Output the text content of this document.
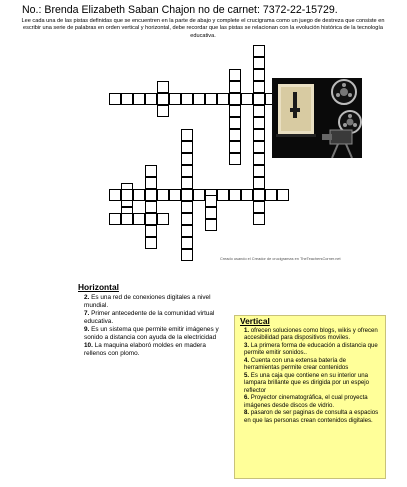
No.: Brenda Elizabeth Saban Chajon no de carnet: 7372-22-15729.
Lee cada una de las pistas definidas que se encuentren en la parte de abajo y complete el crucigrama como un juego de destreza que consiste en escribir una serie de palabras en orden vertical y horizontal, debe recordar que las pistas se relacionan con la evolución histórica de la tecnología educativa.
Creado usando el Creador de crucigramas en TheTeachersCorner.net
Horizontal
2. Es una red de conexiones digitales a nivel mundial.
7. Primer antecedente de la comunidad virtual educativa.
9. Es un sistema que permite emitir imágenes y sonido a distancia con ayuda de la electricidad
10. La maquina elaboró moldes en madera rellenos con plomo.
Vertical
1. ofrecen soluciones como blogs, wikis y ofrecen accesibilidad para dispositivos moviles.
3. La primera forma de educación a distancia que permite emitir sonidos..
4. Cuenta con una extensa batería de herramientas permite crear contenidos
5. Es una caja que contiene en su interior una lampara brillante que es dirigida por un espejo reflector
6. Proyector cinematográfica, el cual proyecta imágenes desde discos de vidrio.
8. pasaron de ser paginas de consulta a espacios en que las personas crean contenidos digitales.
